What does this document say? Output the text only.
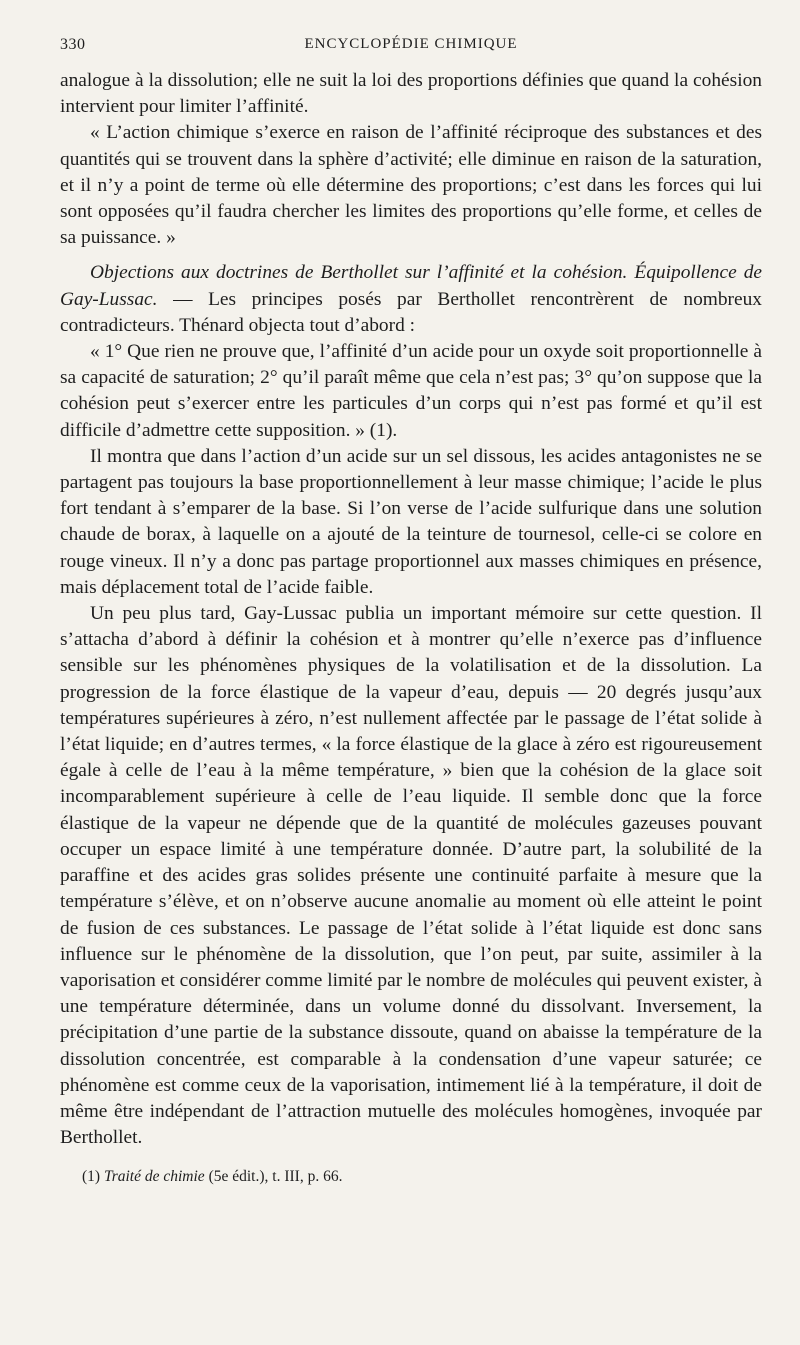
330	ENCYCLOPÉDIE CHIMIQUE

analogue à la dissolution; elle ne suit la loi des proportions définies que quand la cohésion intervient pour limiter l’affinité.

« L’action chimique s’exerce en raison de l’affinité réciproque des substances et des quantités qui se trouvent dans la sphère d’activité; elle diminue en raison de la saturation, et il n’y a point de terme où elle détermine des proportions; c’est dans les forces qui lui sont opposées qu’il faudra chercher les limites des proportions qu’elle forme, et celles de sa puissance. »

Objections aux doctrines de Berthollet sur l’affinité et la cohésion. Équipollence de Gay-Lussac. — Les principes posés par Berthollet rencontrèrent de nombreux contradicteurs. Thénard objecta tout d’abord :

« 1° Que rien ne prouve que, l’affinité d’un acide pour un oxyde soit proportionnelle à sa capacité de saturation; 2° qu’il paraît même que cela n’est pas; 3° qu’on suppose que la cohésion peut s’exercer entre les particules d’un corps qui n’est pas formé et qu’il est difficile d’admettre cette supposition. » (1).

Il montra que dans l’action d’un acide sur un sel dissous, les acides antagonistes ne se partagent pas toujours la base proportionnellement à leur masse chimique; l’acide le plus fort tendant à s’emparer de la base. Si l’on verse de l’acide sulfurique dans une solution chaude de borax, à laquelle on a ajouté de la teinture de tournesol, celle-ci se colore en rouge vineux. Il n’y a donc pas partage proportionnel aux masses chimiques en présence, mais déplacement total de l’acide faible.

Un peu plus tard, Gay-Lussac publia un important mémoire sur cette question. Il s’attacha d’abord à définir la cohésion et à montrer qu’elle n’exerce pas d’influence sensible sur les phénomènes physiques de la volatilisation et de la dissolution. La progression de la force élastique de la vapeur d’eau, depuis — 20 degrés jusqu’aux températures supérieures à zéro, n’est nullement affectée par le passage de l’état solide à l’état liquide; en d’autres termes, « la force élastique de la glace à zéro est rigoureusement égale à celle de l’eau à la même température, » bien que la cohésion de la glace soit incomparablement supérieure à celle de l’eau liquide. Il semble donc que la force élastique de la vapeur ne dépende que de la quantité de molécules gazeuses pouvant occuper un espace limité à une température donnée. D’autre part, la solubilité de la paraffine et des acides gras solides présente une continuité parfaite à mesure que la température s’élève, et on n’observe aucune anomalie au moment où elle atteint le point de fusion de ces substances. Le passage de l’état solide à l’état liquide est donc sans influence sur le phénomène de la dissolution, que l’on peut, par suite, assimiler à la vaporisation et considérer comme limité par le nombre de molécules qui peuvent exister, à une température déterminée, dans un volume donné du dissolvant. Inversement, la précipitation d’une partie de la substance dissoute, quand on abaisse la température de la dissolution concentrée, est comparable à la condensation d’une vapeur saturée; ce phénomène est comme ceux de la vaporisation, intimement lié à la température, il doit de même être indépendant de l’attraction mutuelle des molécules homogènes, invoquée par Berthollet.

(1) Traité de chimie (5e édit.), t. III, p. 66.
